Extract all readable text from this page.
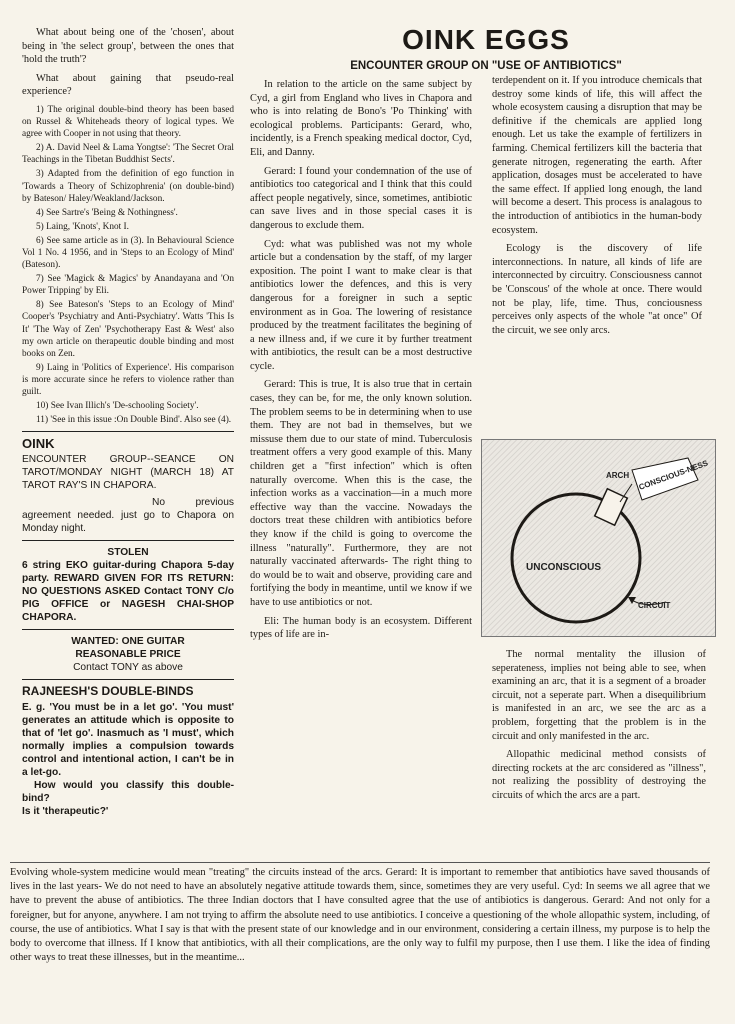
OINK EGGS
ENCOUNTER GROUP ON "USE OF ANTIBIOTICS"

What about being one of the 'chosen', about being in 'the select group', between the ones that 'hold the truth'?

What about gaining that pseudo-real experience?

1) The original double-bind theory has been based on Russel & Whiteheads theory of logical types. We agree with Cooper in not using that theory.

2) A. David Neel & Lama Yongtse': 'The Secret Oral Teachings in the Tibetan Buddhist Sects'.

3) Adapted from the definition of ego function in 'Towards a Theory of Schizophrenia' (on double-bind) by Bateson/ Haley/Weakland/Jackson.

4) See Sartre's 'Being & Nothingness'.

5) Laing, 'Knots', Knot I.

6) See same article as in (3). In Behavioural Science Vol 1 No. 4 1956, and in 'Steps to an Ecology of Mind' (Bateson).

7) See 'Magick & Magics' by Anandayana and 'On Power Tripping' by Eli.

8) See Bateson's 'Steps to an Ecology of Mind' Cooper's 'Psychiatry and Anti-Psychiatry'. Watts 'This Is It' 'The Way of Zen' 'Psychotherapy East & West' also my own article on therapeutic double binding and most books on Zen.

9) Laing in 'Politics of Experience'. His comparison is more accurate since he refers to violence rather than guilt.

10) See Ivan Illich's 'De-schooling Society'.

11) 'See in this issue :On Double Bind'. Also see (4).

OINK
ENCOUNTER GROUP--SEANCE ON TAROT/MONDAY NIGHT (MARCH 18) AT TAROT RAY'S IN CHAPORA.
No previous agreement needed. just go to Chapora on Monday night.
STOLEN
6 string EKO guitar-during Chapora 5-day party. REWARD GIVEN FOR ITS RETURN: NO QUESTIONS ASKED Contact TONY C/o PIG OFFICE or NAGESH CHAI-SHOP CHAPORA.
WANTED: ONE GUITAR
REASONABLE PRICE
Contact TONY as above
RAJNEESH'S DOUBLE-BINDS
E. g. 'You must be in a let go'. 'You must' generates an attitude which is opposite to that of 'let go'. Inasmuch as 'I must', which normally implies a compulsion towards control and intentional action, I can't be in a let-go.
How would you classify this double-bind?
Is it 'therapeutic?'

In relation to the article on the same subject by Cyd, a girl from England who lives in Chapora and who is into relating de Bono's 'Po Thinking' with ecological problems. Participants: Gerard, who, incidently, is a French speaking medical doctor, Cyd, Eli, and Danny.

Gerard: I found your condemnation of the use of antibiotics too categorical and I think that this could affect people negatively, since, sometimes, antibiotic can save lives and in those special cases it is dangerous to exclude them.

Cyd: what was published was not my whole article but a condensation by the staff, of my larger exposition. The point I want to make clear is that antibiotics lower the defences, and this is very dangerous for a foreigner in such a septic environment as in Goa. The lowering of resistance produced by the treatment facilitates the begining of a new illness and, if we cure it by further treatment with antibiotics, the result can be a most destructive cycle.

Gerard: This is true, It is also true that in certain cases, they can be, for me, the only known solution. The problem seems to be in determining when to use them. They are not bad in themselves, but we missuse them due to our state of mind. Tuberculosis treatment offers a very good example of this. Many children get a "first infection" which is often naturally overcome. When this is the case, the infection works as a vaccination—in a much more effective way than the vaccine. Nowadays the doctors treat these children with antibiotics before they know if the child is going to overcome the illness "naturally". Furthermore, they are not naturally vaccinated afterwards- The right thing to do would be to wait and observe, providing care and fortifying the body in meantime, until we know if we have to use antibiotics or not.

Eli: The human body is an ecosystem. Different types of life are in-

terdependent on it. If you introduce chemicals that destroy some kinds of life, this will affect the whole ecosystem causing a disruption that may be definitive if the chemicals are applied long enough. Let us take the example of fertilizers in farming. Chemical fertilizers kill the bacteria that generate nitrogen, regenerating the earth. After application, dosages must be accelerated to have the same effect. If applied long enough, the land will become a desert. This process is analagous to the introduction of antibiotics in the human-body ecosystem.

Ecology is the discovery of life interconnections. In nature, all kinds of life are interconnected by circuitry. Consciousness cannot be 'Conscous' of the whole at once. There would not be play, life, time. Thus, conciousness perceives only aspects of the whole "at once" Of the circuit, we see only arcs.

ARCH CONSCIOUS-NESS
UNCONSCIOUS
CIRCUIT

The normal mentality the illusion of seperateness, implies not being able to see, when examining an arc, that it is a segment of a broader circuit, not a seperate part. When a disequilibrium is manifested in an arc, we see the arc as a problem, forgetting that the problem is in the circuit and only manifested in the arc.

Allopathic medicinal method consists of directing rockets at the arc considered as "illness", not realizing the possiblity of destroying the circuits of which the arcs are a part.

Evolving whole-system medicine would mean "treating" the circuits instead of the arcs. Gerard: It is important to remember that antibiotics have saved thousands of lives in the last years- We do not need to have an absolutely negative attitude towards them, since, sometimes they are very useful. Cyd: In seems we all agree that we have to prevent the abuse of antibiotics. The three Indian doctors that I have consulted agree that the use of antibiotics is dangerous. Gerard: And not only for a foreigner, but for anyone, anywhere. I am not trying to affirm the absolute need to use antibiotics. I conceive a questioning of the whole allopathic system, including, of course, the use of antibiotics. What I say is that with the present state of our knowledge and in our environment, considering a certain illness, my purpose is to help the body to overcome that illness. If I know that antibiotics, with all their complications, are the only way to fulfil my purpose, then I use them. I like the idea of finding other ways to treat these illnesses, but in the meantime...
